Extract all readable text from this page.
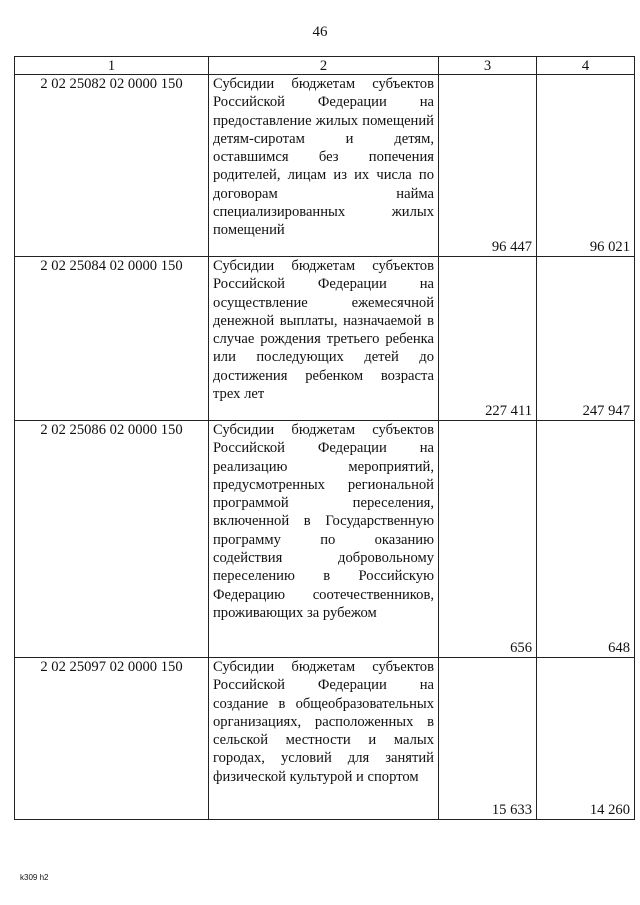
46
1	2	3	4
2 02 25082 02 0000 150	Субсидии бюджетам субъектов Российской Федерации на предоставление жилых помещений детям-сиротам и детям, оставшимся без попечения родителей, лицам из их числа по договорам найма специализированных жилых помещений	96 447	96 021
2 02 25084 02 0000 150	Субсидии бюджетам субъектов Российской Федерации на осуществление ежемесячной денежной выплаты, назначаемой в случае рождения третьего ребенка или последующих детей до достижения ребенком возраста трех лет	227 411	247 947
2 02 25086 02 0000 150	Субсидии бюджетам субъектов Российской Федерации на реализацию мероприятий, предусмотренных региональной программой переселения, включенной в Государственную программу по оказанию содействия добровольному переселению в Российскую Федерацию соотечественников, проживающих за рубежом	656	648
2 02 25097 02 0000 150	Субсидии бюджетам субъектов Российской Федерации на создание в общеобразовательных организациях, расположенных в сельской местности и малых городах, условий для занятий физической культурой и спортом	15 633	14 260
k309 h2
